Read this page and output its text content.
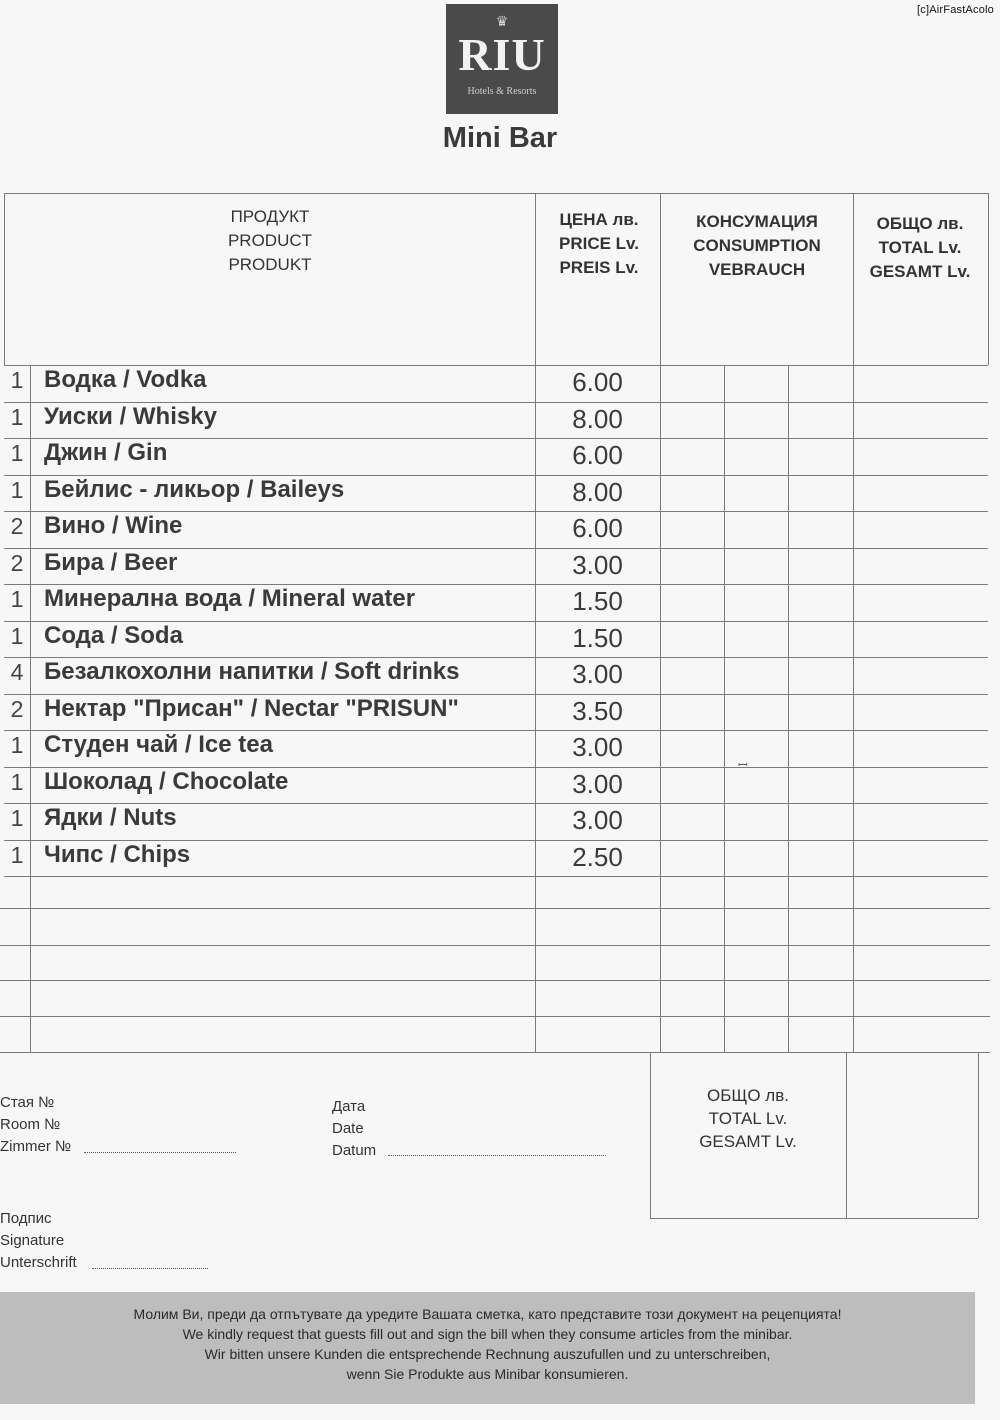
[c]AirFastAcolo
♛
RIU
Hotels & Resorts
Mini Bar
ПРОДУКТ
PRODUCT
PRODUKT
ЦЕНА лв.
PRICE Lv.
PREIS Lv.
КОНСУМАЦИЯ
CONSUMPTION
VEBRAUCH
ОБЩО лв.
TOTAL Lv.
GESAMT Lv.
1 Водка / Vodka	6.00
1 Уиски / Whisky	8.00
1 Джин / Gin	6.00
1 Бейлис - ликьор / Baileys	8.00
2 Вино / Wine	6.00
2 Бира / Beer	3.00
1 Минерална вода / Mineral water	1.50
1 Сода / Soda	1.50
4 Безалкохолни напитки / Soft drinks	3.00
2 Нектар "Присан" / Nectar "PRISUN"	3.50
1 Студен чай / Ice tea	3.00
1 Шоколад / Chocolate	3.00
1 Ядки / Nuts	3.00
1 Чипс / Chips	2.50
ꟷ
Стая №
Room №
Zimmer №
Дата
Date
Datum
ОБЩО лв.
TOTAL Lv.
GESAMT Lv.
Подпис
Signature
Unterschrift
Молим Ви, преди да отпътувате да уредите Вашата сметка, като представите този документ на рецепцията!
We kindly request that guests fill out and sign the bill when they consume articles from the minibar.
Wir bitten unsere Kunden die entsprechende Rechnung auszufullen und zu unterschreiben,
wenn Sie Produkte aus Minibar konsumieren.
